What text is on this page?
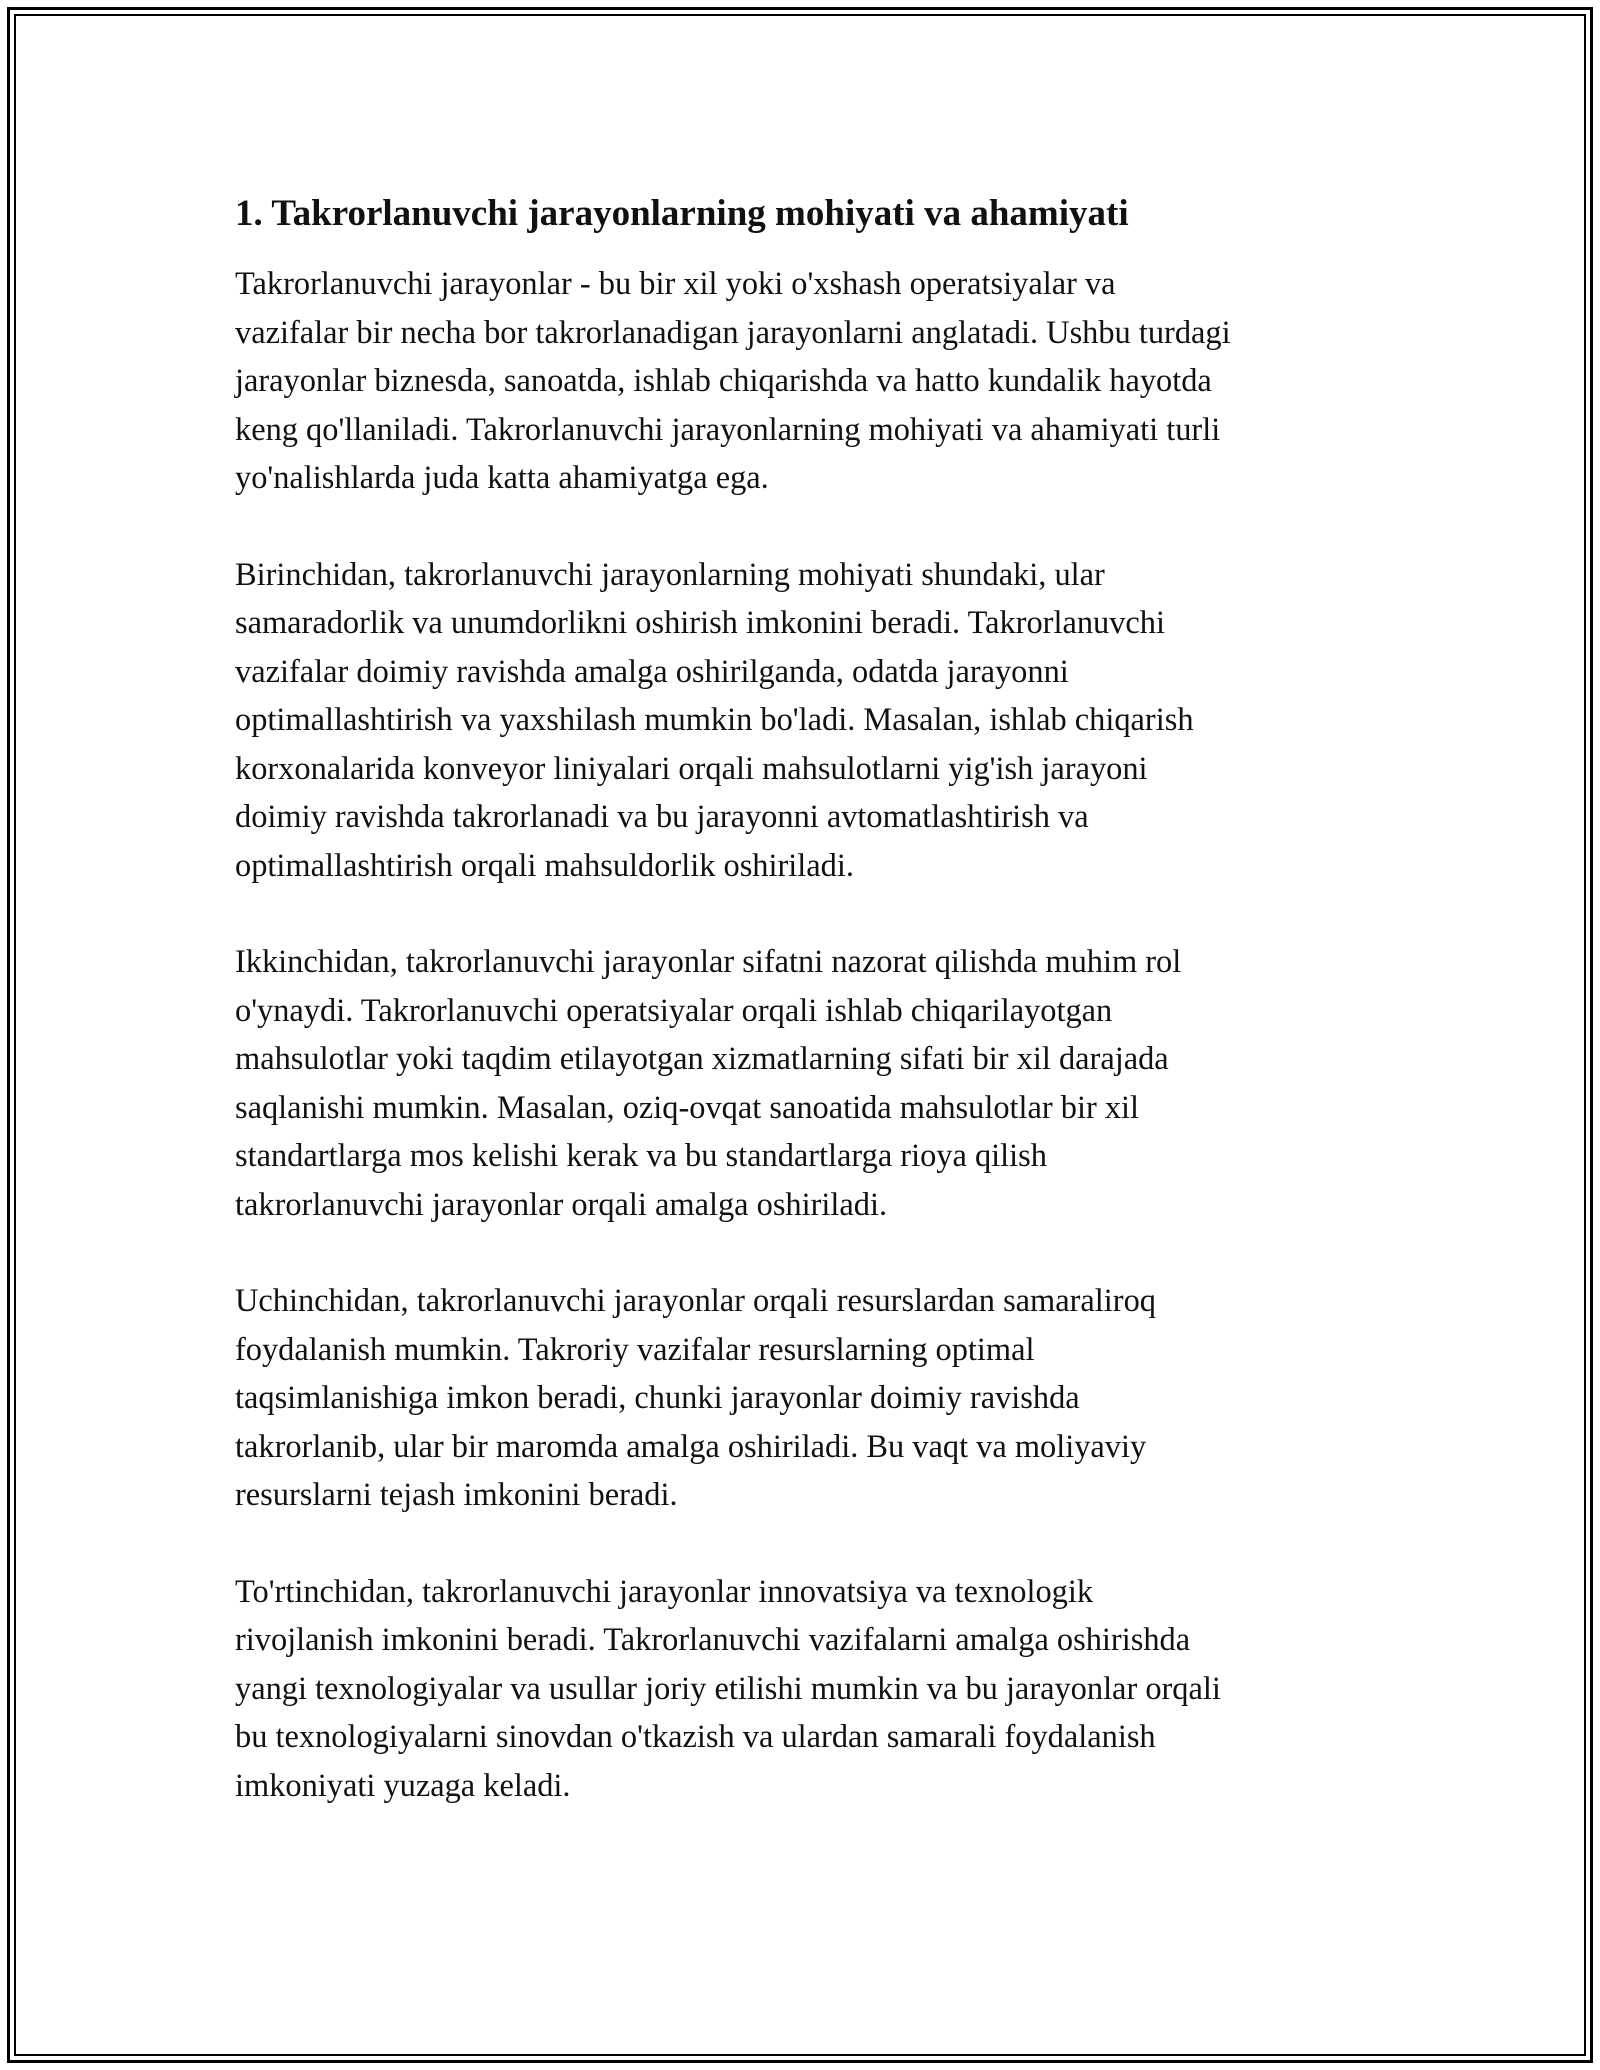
1. Takrorlanuvchi jarayonlarning mohiyati va ahamiyati

Takrorlanuvchi jarayonlar - bu bir xil yoki o'xshash operatsiyalar va
vazifalar bir necha bor takrorlanadigan jarayonlarni anglatadi. Ushbu turdagi
jarayonlar biznesda, sanoatda, ishlab chiqarishda va hatto kundalik hayotda
keng qo'llaniladi. Takrorlanuvchi jarayonlarning mohiyati va ahamiyati turli
yo'nalishlarda juda katta ahamiyatga ega.

Birinchidan, takrorlanuvchi jarayonlarning mohiyati shundaki, ular
samaradorlik va unumdorlikni oshirish imkonini beradi. Takrorlanuvchi
vazifalar doimiy ravishda amalga oshirilganda, odatda jarayonni
optimallashtirish va yaxshilash mumkin bo'ladi. Masalan, ishlab chiqarish
korxonalarida konveyor liniyalari orqali mahsulotlarni yig'ish jarayoni
doimiy ravishda takrorlanadi va bu jarayonni avtomatlashtirish va
optimallashtirish orqali mahsuldorlik oshiriladi.

Ikkinchidan, takrorlanuvchi jarayonlar sifatni nazorat qilishda muhim rol
o'ynaydi. Takrorlanuvchi operatsiyalar orqali ishlab chiqarilayotgan
mahsulotlar yoki taqdim etilayotgan xizmatlarning sifati bir xil darajada
saqlanishi mumkin. Masalan, oziq-ovqat sanoatida mahsulotlar bir xil
standartlarga mos kelishi kerak va bu standartlarga rioya qilish
takrorlanuvchi jarayonlar orqali amalga oshiriladi.

Uchinchidan, takrorlanuvchi jarayonlar orqali resurslardan samaraliroq
foydalanish mumkin. Takroriy vazifalar resurslarning optimal
taqsimlanishiga imkon beradi, chunki jarayonlar doimiy ravishda
takrorlanib, ular bir maromda amalga oshiriladi. Bu vaqt va moliyaviy
resurslarni tejash imkonini beradi.

To'rtinchidan, takrorlanuvchi jarayonlar innovatsiya va texnologik
rivojlanish imkonini beradi. Takrorlanuvchi vazifalarni amalga oshirishda
yangi texnologiyalar va usullar joriy etilishi mumkin va bu jarayonlar orqali
bu texnologiyalarni sinovdan o'tkazish va ulardan samarali foydalanish
imkoniyati yuzaga keladi.
